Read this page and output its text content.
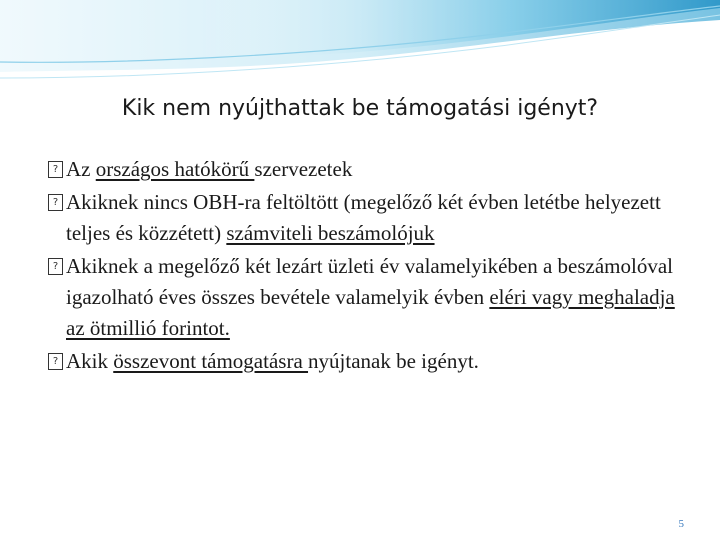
Kik nem nyújthattak be támogatási igényt?
? Az országos hatókörű szervezetek
? Akiknek nincs OBH-ra feltöltött (megelőző két évben letétbe helyezett teljes és közzétett) számviteli beszámolójuk
? Akiknek a megelőző két lezárt üzleti év valamelyikében a beszámolóval igazolható éves összes bevétele valamelyik évben eléri vagy meghaladja az ötmillió forintot.
? Akik összevont támogatásra nyújtanak be igényt.
5
